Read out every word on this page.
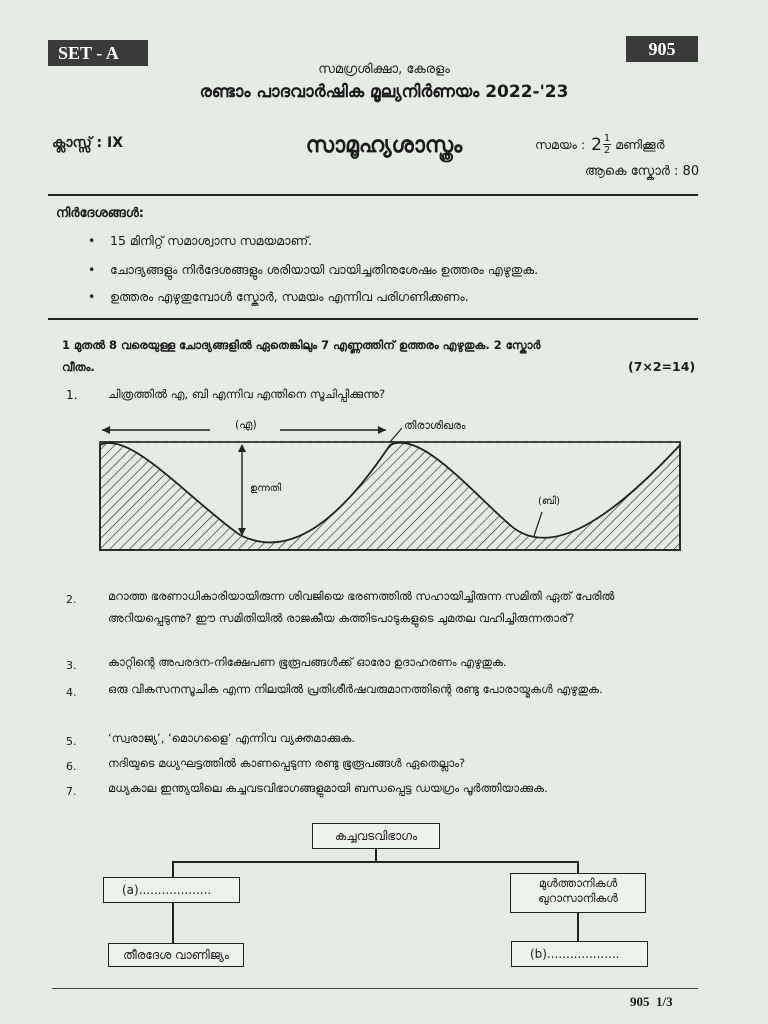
SET - A	905
സമഗ്രശിക്ഷാ, കേരളം
രണ്ടാം പാദവാർഷിക മൂല്യനിർണയം 2022-'23
ക്ലാസ്സ് : IX	സാമൂഹ്യശാസ്ത്രം	സമയം : $2 \frac{1}{2}$ മണിക്കൂർ
ആകെ സ്കോർ : 80
നിർദേശങ്ങൾ:
• 15 മിനിറ്റ് സമാശ്വാസ സമയമാണ്.
• ചോദ്യങ്ങളും നിർദേശങ്ങളും ശരിയായി വായിച്ചതിനുശേഷം ഉത്തരം എഴുതുക.
• ഉത്തരം എഴുതുമ്പോൾ സ്കോർ, സമയം എന്നിവ പരിഗണിക്കണം.
1 മുതൽ 8 വരെയുള്ള ചോദ്യങ്ങളിൽ ഏതെങ്കിലും 7 എണ്ണത്തിന് ഉത്തരം എഴുതുക. 2 സ്കോർ
വീതം.	(7×2=14)
1.	ചിത്രത്തിൽ എ, ബി എന്നിവ എന്തിനെ സൂചിപ്പിക്കുന്നു?
(എ)	തിരാശിഖരം
ഉന്നതി
(ബി)
2.	മറാത്ത ഭരണാധികാരിയായിരുന്ന ശിവജിയെ ഭരണത്തിൽ സഹായിച്ചിരുന്ന സമിതി ഏത് പേരിൽ അറിയപ്പെടുന്നു? ഈ സമിതിയിൽ രാജകീയ കത്തിടപാടുകളുടെ ചുമതല വഹിച്ചിരുന്നതാര്?
3.	കാറ്റിന്റെ അപരദന-നിക്ഷേപണ ഭൂരൂപങ്ങൾക്ക് ഓരോ ഉദാഹരണം എഴുതുക.
4.	ഒരു വികസനസൂചിക എന്ന നിലയിൽ പ്രതിശീർഷവരുമാനത്തിന്റെ രണ്ടു പോരായ്മകൾ എഴുതുക.
5.	‘സ്വരാജ്യ’, ‘മൊഗളൈ’ എന്നിവ വ്യക്തമാക്കുക.
6.	നദിയുടെ മധ്യഘട്ടത്തിൽ കാണപ്പെടുന്ന രണ്ടു ഭൂരൂപങ്ങൾ ഏതെല്ലാം?
7.	മധ്യകാല ഇന്ത്യയിലെ കച്ചവടവിഭാഗങ്ങളുമായി ബന്ധപ്പെട്ട ഡയഗ്രം പൂർത്തിയാക്കുക.
കച്ചവടവിഭാഗം
(a)...................	മുൾത്താനികൾ
ഖുറാസാനികൾ
തീരദേശ വാണിജ്യം	(b)...................
905  1/3
